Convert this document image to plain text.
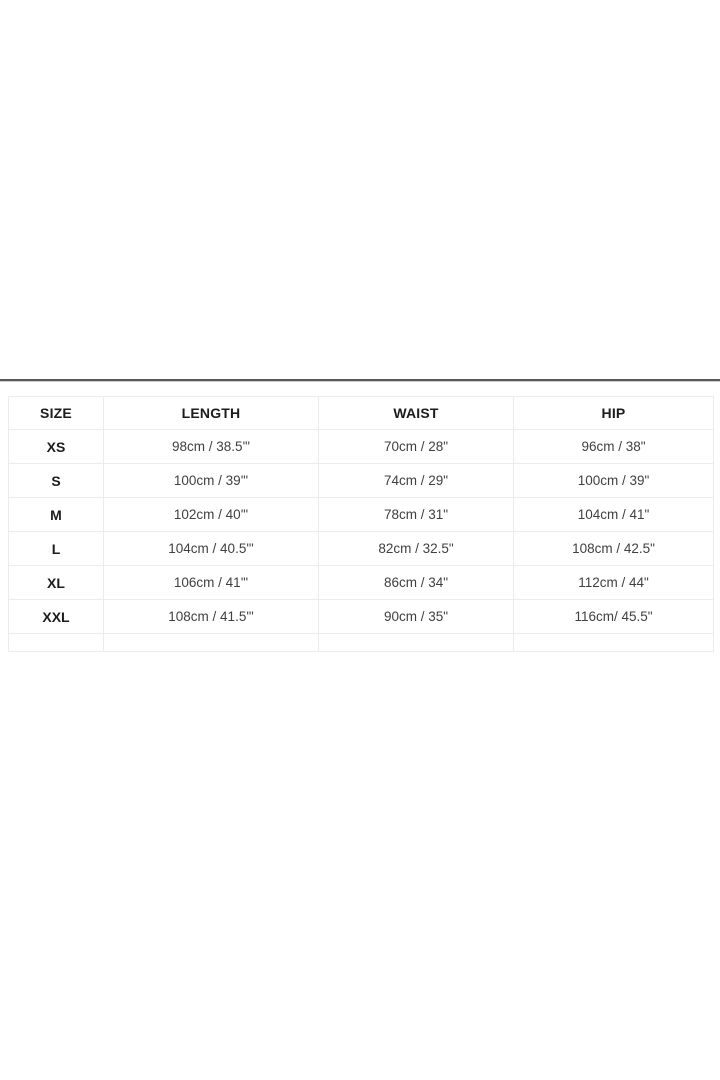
SIZE	LENGTH	WAIST	HIP
XS	98cm / 38.5'"	70cm / 28"	96cm / 38"
S	100cm / 39'"	74cm / 29"	100cm / 39"
M	102cm / 40'"	78cm / 31"	104cm / 41"
L	104cm / 40.5'"	82cm / 32.5"	108cm / 42.5"
XL	106cm / 41'"	86cm / 34"	112cm / 44"
XXL	108cm / 41.5'"	90cm / 35"	116cm/ 45.5"
